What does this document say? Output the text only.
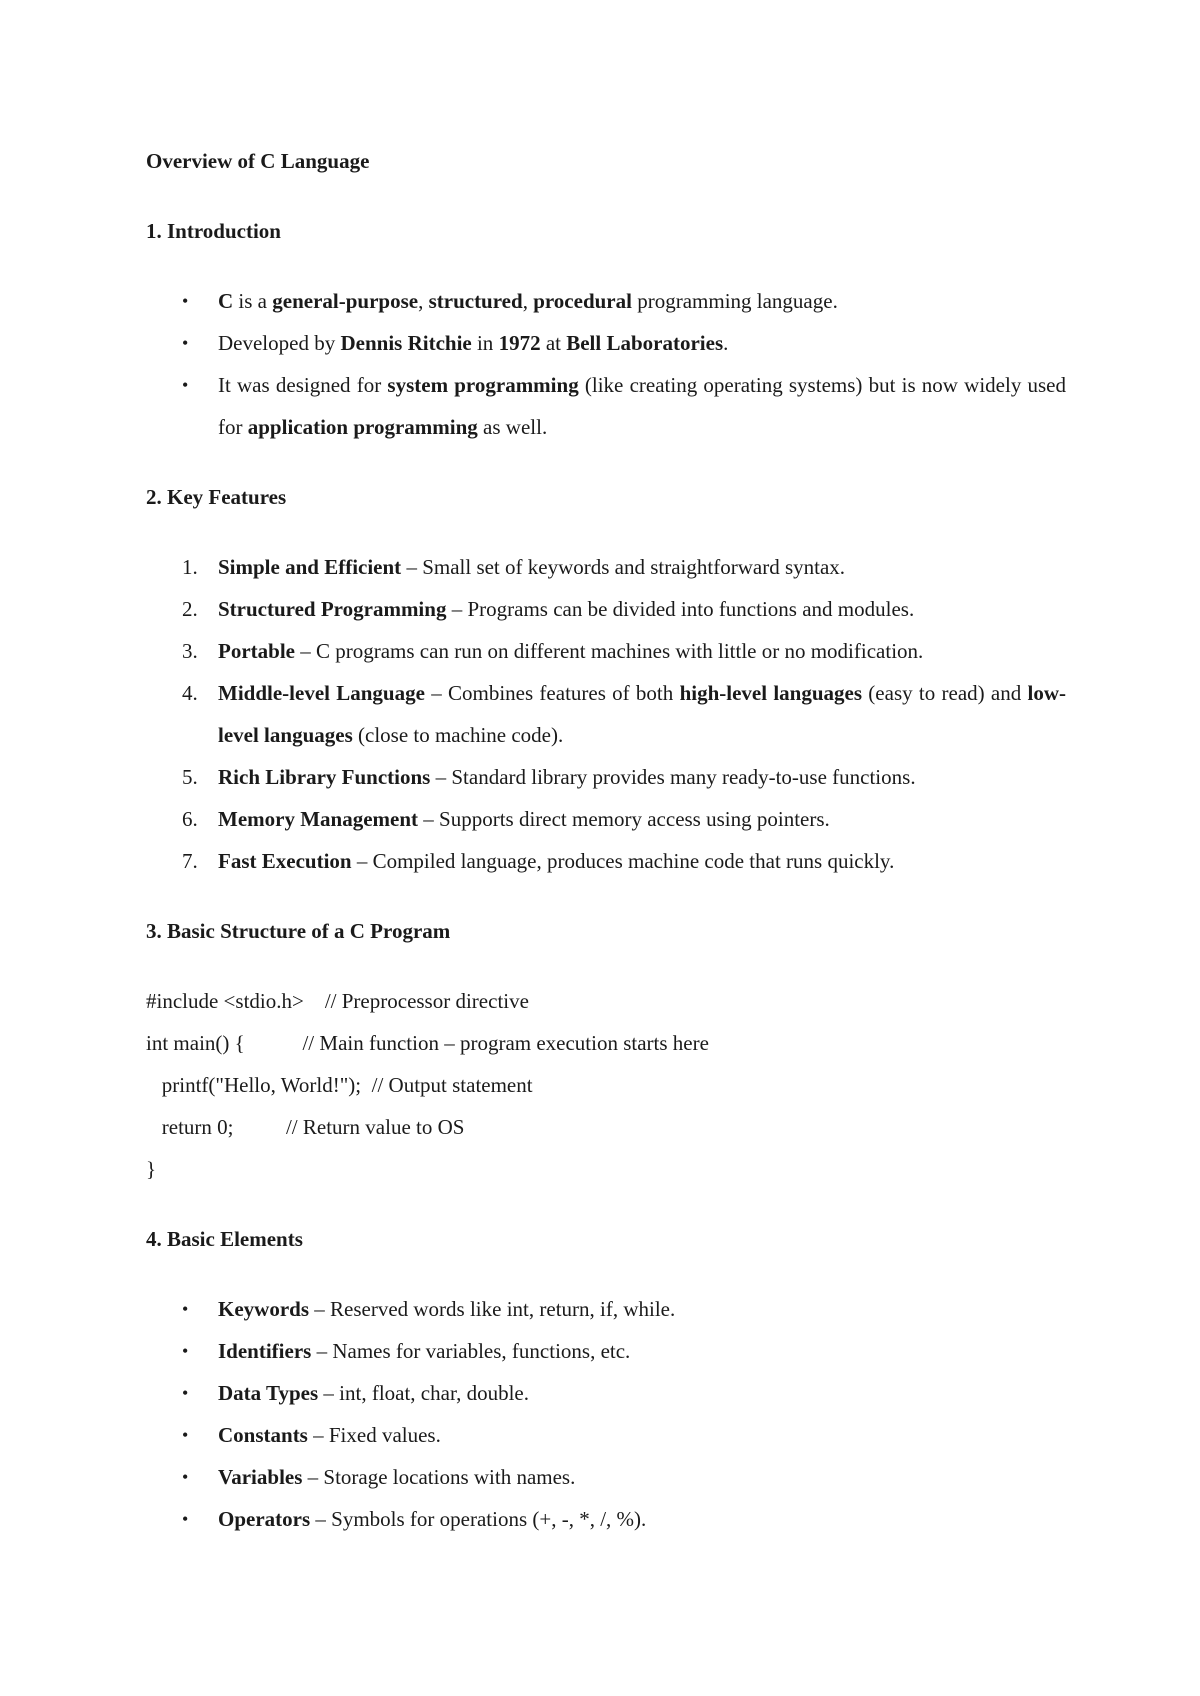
Overview of C Language
1. Introduction
• C is a general-purpose, structured, procedural programming language.
• Developed by Dennis Ritchie in 1972 at Bell Laboratories.
• It was designed for system programming (like creating operating systems) but is now widely used for application programming as well.
2. Key Features
1. Simple and Efficient – Small set of keywords and straightforward syntax.
2. Structured Programming – Programs can be divided into functions and modules.
3. Portable – C programs can run on different machines with little or no modification.
4. Middle-level Language – Combines features of both high-level languages (easy to read) and low-level languages (close to machine code).
5. Rich Library Functions – Standard library provides many ready-to-use functions.
6. Memory Management – Supports direct memory access using pointers.
7. Fast Execution – Compiled language, produces machine code that runs quickly.
3. Basic Structure of a C Program
#include <stdio.h>    // Preprocessor directive
int main() {           // Main function – program execution starts here
printf("Hello, World!");  // Output statement
return 0;          // Return value to OS
}
4. Basic Elements
• Keywords – Reserved words like int, return, if, while.
• Identifiers – Names for variables, functions, etc.
• Data Types – int, float, char, double.
• Constants – Fixed values.
• Variables – Storage locations with names.
• Operators – Symbols for operations (+, -, *, /, %).
